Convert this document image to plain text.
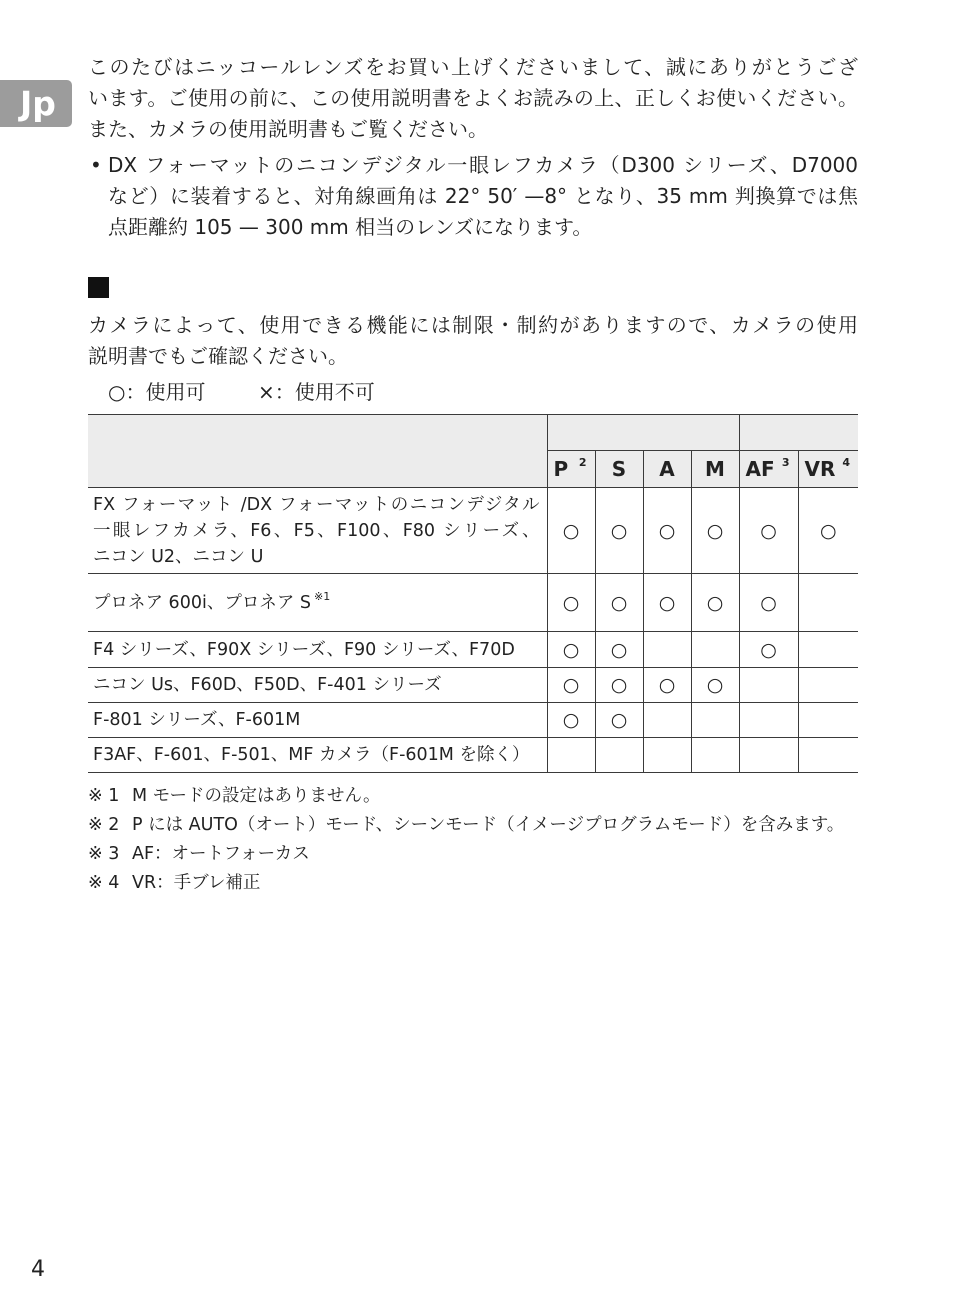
Jp
このたびはニッコールレンズをお買い上げくださいまして、誠にありがとうござ
います。ご使用の前に、この使用説明書をよくお読みの上、正しくお使いください。
また、カメラの使用説明書もご覧ください。
• DX フォーマットのニコンデジタル一眼レフカメラ（D300 シリーズ、D7000
など）に装着すると、対角線画角は 22° 50′ —8° となり、35 mm 判換算では焦
点距離約 105 — 300 mm 相当のレンズになります。
カメラによって、使用できる機能には制限・制約がありますので、カメラの使用
説明書でもご確認ください。
○：使用可	×：使用不可

	P 2	S	A	M	AF 3	VR 4

FX フォーマット /DX フォーマットのニコンデジタル
一眼レフカメラ、F6、F5、F100、F80 シリーズ、
ニコン U2、ニコン U	○	○	○	○	○	○

プロネア 600i、プロネア S $^{※1}$	○	○	○	○	○	

F4 シリーズ、F90X シリーズ、F90 シリーズ、F70D	○	○			○	

ニコン Us、F60D、F50D、F-401 シリーズ	○	○	○	○		

F-801 シリーズ、F-601M	○	○				

F3AF、F-601、F-501、MF カメラ（F-601M を除く）						

※ 1 M モードの設定はありません。
※ 2 P には AUTO（オート）モード、シーンモード（イメージプログラムモード）を含みます。
※ 3 AF：オートフォーカス
※ 4 VR：手ブレ補正
4
